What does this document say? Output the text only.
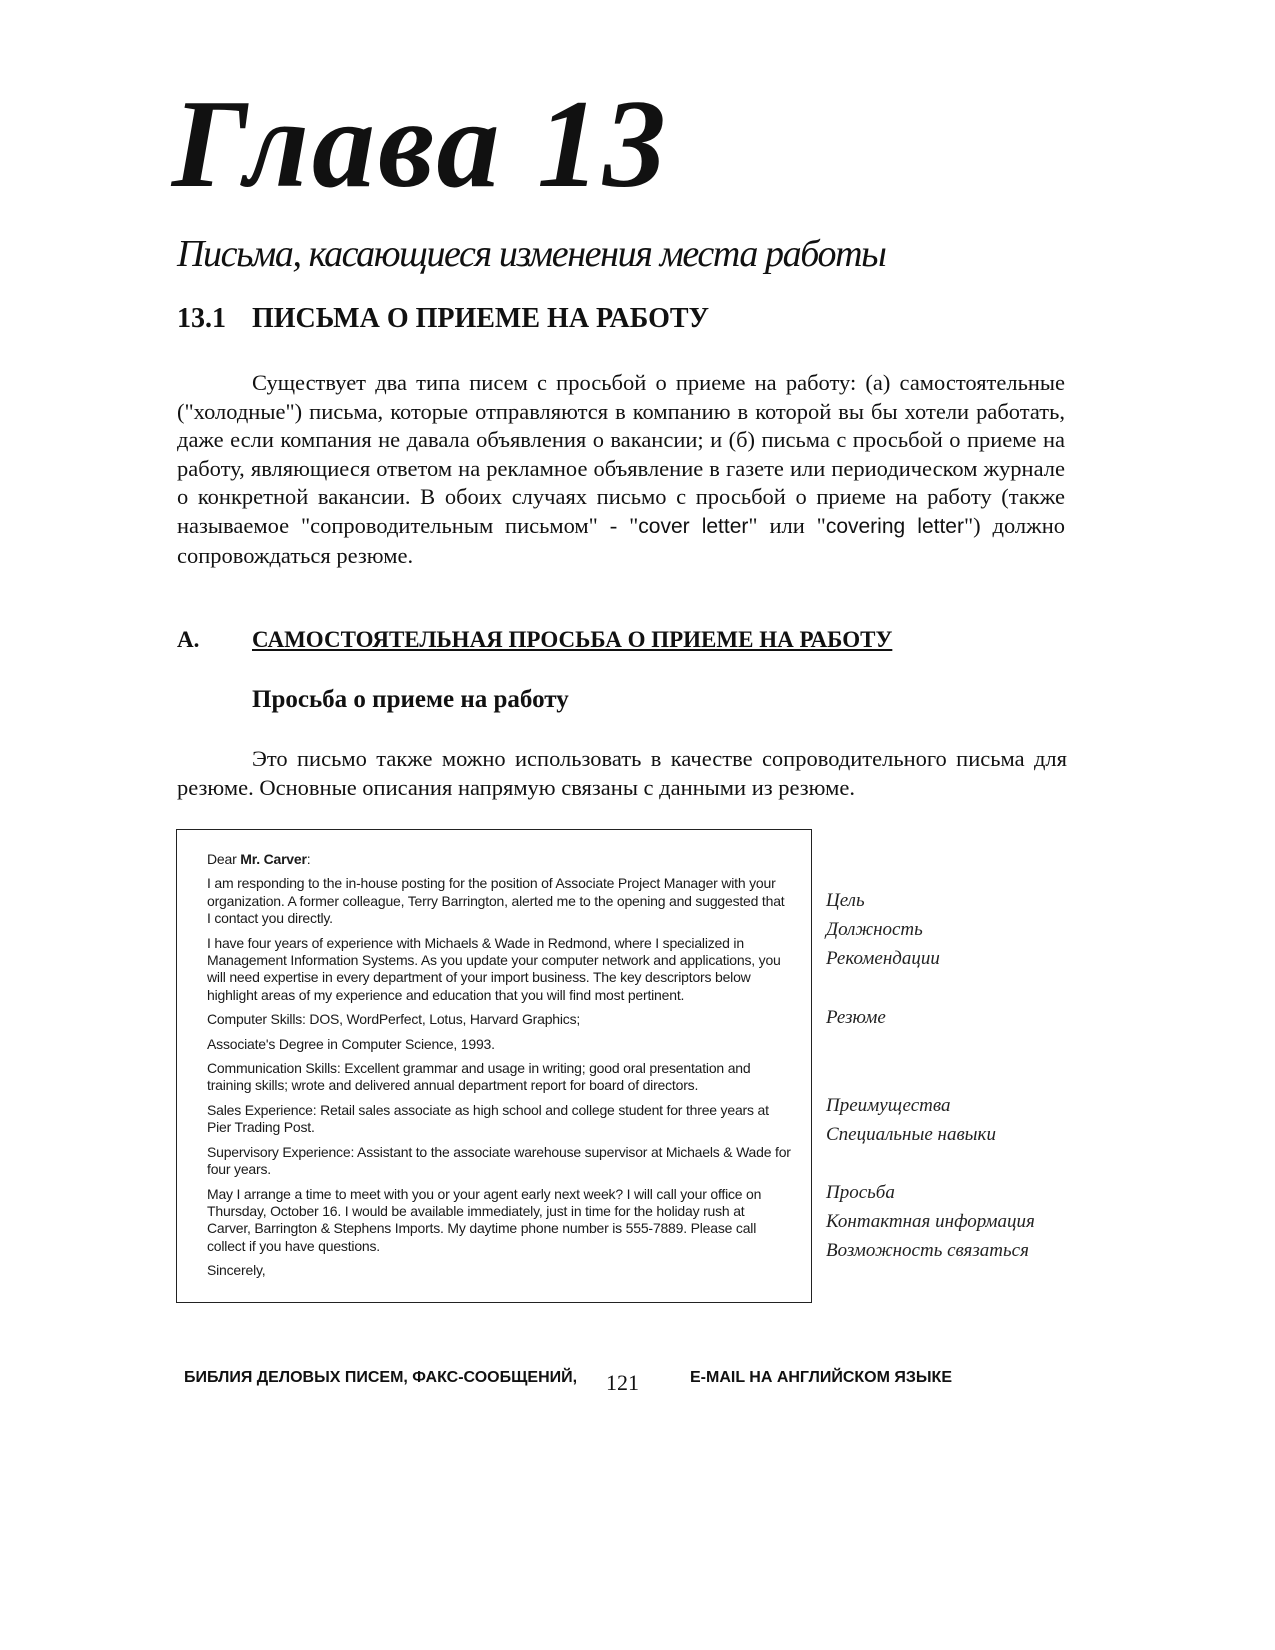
Глава 13
Письма, касающиеся изменения места работы
13.1 ПИСЬМА О ПРИЕМЕ НА РАБОТУ

Существует два типа писем с просьбой о приеме на работу: (а) самостоятельные ("холодные") письма, которые отправляются в компанию в которой вы бы хотели работать, даже если компания не давала объявления о вакансии; и (б) письма с просьбой о приеме на работу, являющиеся ответом на рекламное объявление в газете или периодическом журнале о конкретной вакансии. В обоих случаях письмо с просьбой о приеме на работу (также называемое "сопроводительным письмом" - "cover letter" или "covering letter") должно сопровождаться резюме.

A. САМОСТОЯТЕЛЬНАЯ ПРОСЬБА О ПРИЕМЕ НА РАБОТУ
Просьба о приеме на работу

Это письмо также можно использовать в качестве сопроводительного письма для резюме. Основные описания напрямую связаны с данными из резюме.

Dear Mr. Carver:

I am responding to the in-house posting for the position of Associate Project Manager with your organization. A former colleague, Terry Barrington, alerted me to the opening and suggested that I contact you directly.

I have four years of experience with Michaels & Wade in Redmond, where I specialized in Management Information Systems. As you update your computer network and applications, you will need expertise in every department of your import business. The key descriptors below highlight areas of my experience and education that you will find most pertinent.

Computer Skills: DOS, WordPerfect, Lotus, Harvard Graphics;

Associate's Degree in Computer Science, 1993.

Communication Skills: Excellent grammar and usage in writing; good oral presentation and training skills; wrote and delivered annual department report for board of directors.

Sales Experience: Retail sales associate as high school and college student for three years at Pier Trading Post.

Supervisory Experience: Assistant to the associate warehouse supervisor at Michaels & Wade for four years.

May I arrange a time to meet with you or your agent early next week? I will call your office on Thursday, October 16. I would be available immediately, just in time for the holiday rush at Carver, Barrington & Stephens Imports. My daytime phone number is 555-7889. Please call collect if you have questions.

Sincerely,

Цель
Должность
Рекомендации
Резюме
Преимущества
Специальные навыки
Просьба
Контактная информация
Возможность связаться

БИБЛИЯ ДЕЛОВЫХ ПИСЕМ, ФАКС-СООБЩЕНИЙ, 121	E-MAIL НА АНГЛИЙСКОМ ЯЗЫКЕ
